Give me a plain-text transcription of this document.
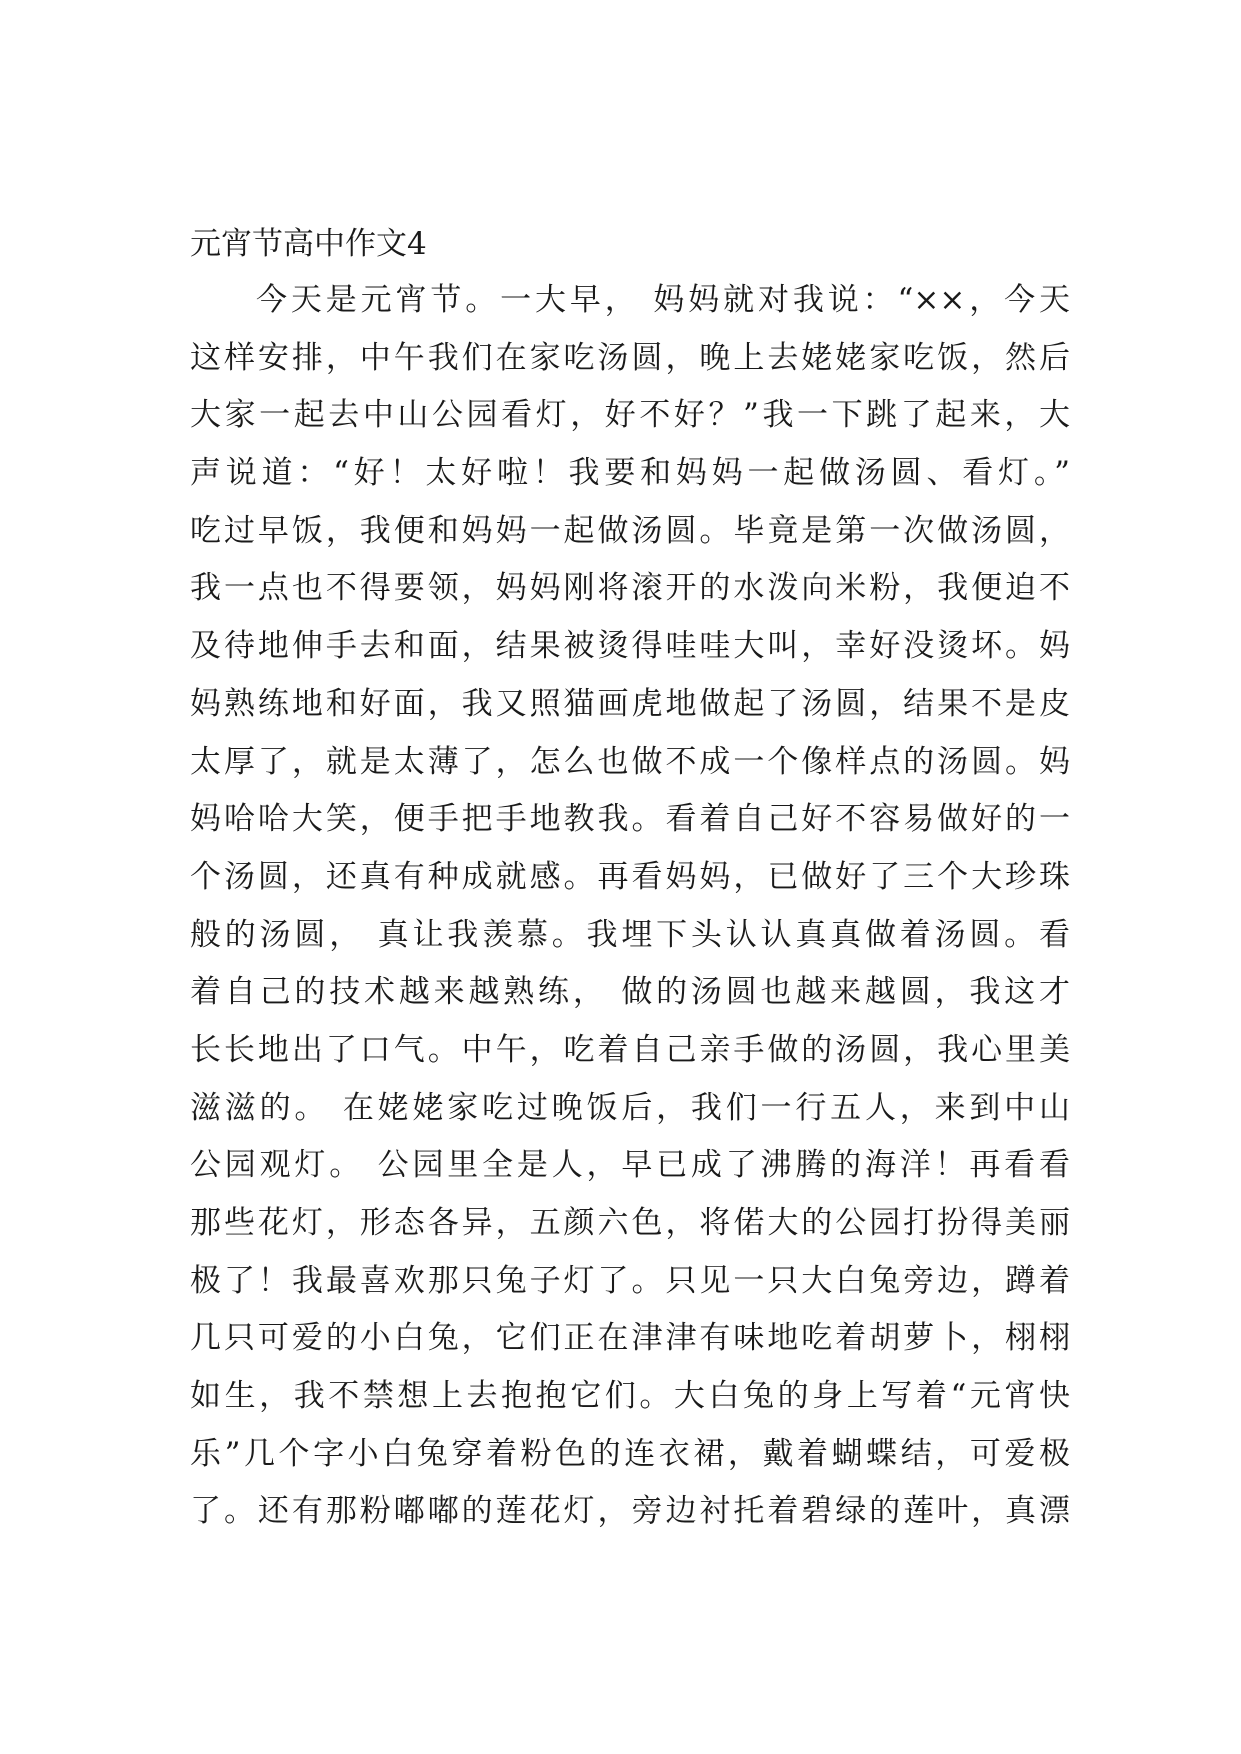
元宵节高中作文4
今天是元宵节。一大早， 妈妈就对我说：“××，今天
这样安排，中午我们在家吃汤圆，晚上去姥姥家吃饭，然后
大家一起去中山公园看灯，好不好？”我一下跳了起来，大
声说道：“好！太好啦！我要和妈妈一起做汤圆、看灯。”
吃过早饭，我便和妈妈一起做汤圆。毕竟是第一次做汤圆，
我一点也不得要领，妈妈刚将滚开的水泼向米粉，我便迫不
及待地伸手去和面，结果被烫得哇哇大叫，幸好没烫坏。妈
妈熟练地和好面，我又照猫画虎地做起了汤圆，结果不是皮
太厚了，就是太薄了，怎么也做不成一个像样点的汤圆。妈
妈哈哈大笑，便手把手地教我。看着自己好不容易做好的一
个汤圆，还真有种成就感。再看妈妈，已做好了三个大珍珠
般的汤圆， 真让我羡慕。我埋下头认认真真做着汤圆。看
着自己的技术越来越熟练， 做的汤圆也越来越圆，我这才
长长地出了口气。中午，吃着自己亲手做的汤圆，我心里美
滋滋的。 在姥姥家吃过晚饭后，我们一行五人，来到中山
公园观灯。 公园里全是人，早已成了沸腾的海洋！再看看
那些花灯，形态各异，五颜六色，将偌大的公园打扮得美丽
极了！我最喜欢那只兔子灯了。只见一只大白兔旁边，蹲着
几只可爱的小白兔，它们正在津津有味地吃着胡萝卜，栩栩
如生，我不禁想上去抱抱它们。大白兔的身上写着“元宵快
乐”几个字小白兔穿着粉色的连衣裙，戴着蝴蝶结，可爱极
了。还有那粉嘟嘟的莲花灯，旁边衬托着碧绿的莲叶，真漂
